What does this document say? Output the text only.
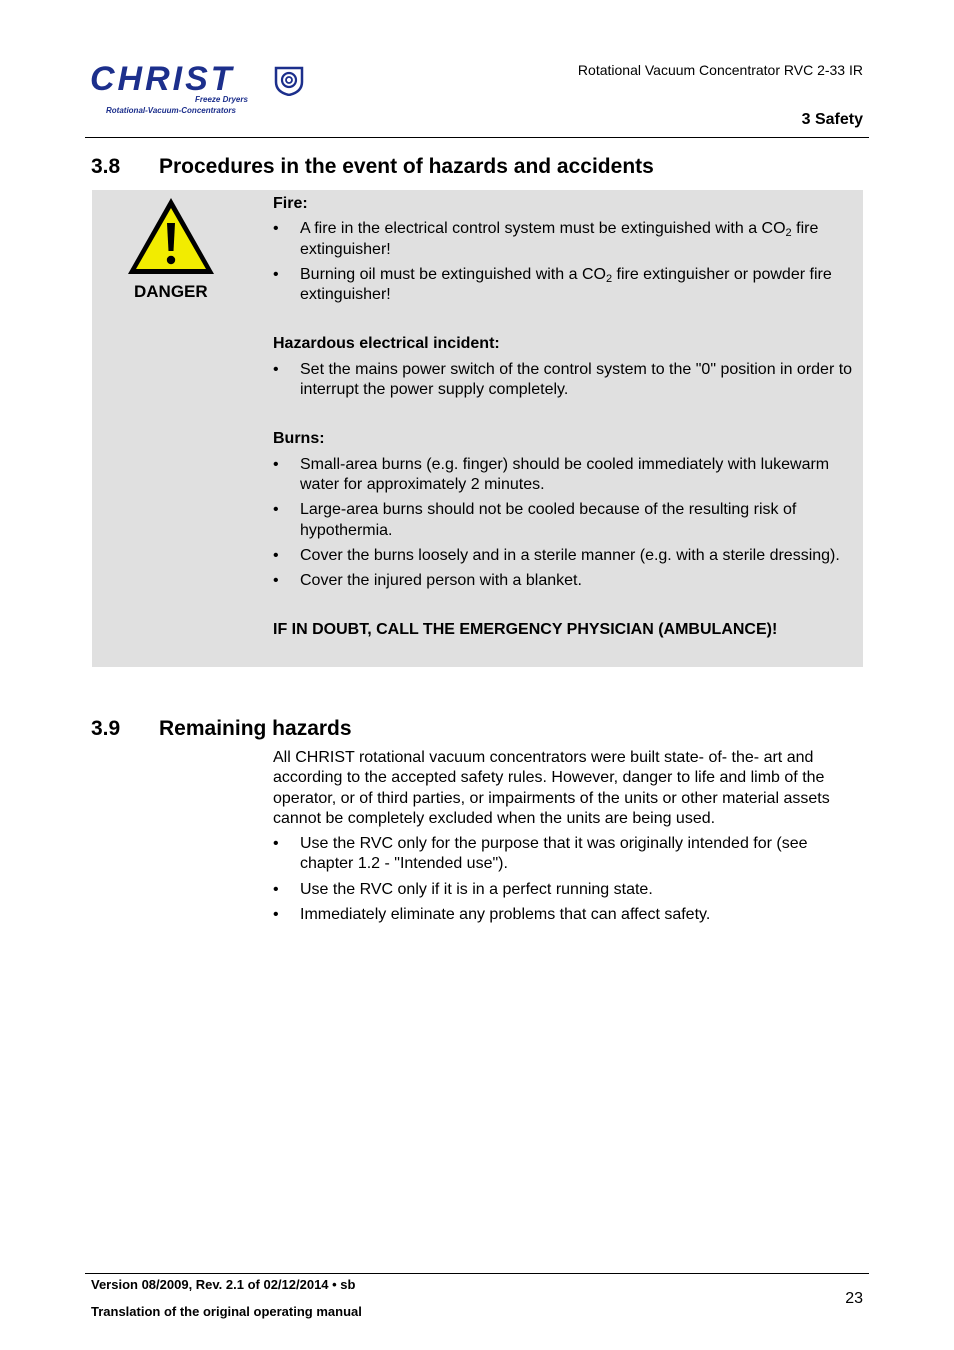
CHRIST
Freeze Dryers
Rotational-Vacuum-Concentrators
Rotational Vacuum Concentrator RVC 2-33 IR
3 Safety
3.8 Procedures in the event of hazards and accidents
DANGER

Fire:

• A fire in the electrical control system must be extinguished with a $CO_2$ fire extinguisher!
• Burning oil must be extinguished with a $CO_2$ fire extinguisher or powder fire extinguisher!

Hazardous electrical incident:

• Set the mains power switch of the control system to the "0" position in order to interrupt the power supply completely.

Burns:

• Small-area burns (e.g. finger) should be cooled immediately with lukewarm water for approximately 2 minutes.
• Large-area burns should not be cooled because of the resulting risk of hypothermia.
• Cover the burns loosely and in a sterile manner (e.g. with a sterile dressing).
• Cover the injured person with a blanket.

IF IN DOUBT, CALL THE EMERGENCY PHYSICIAN (AMBULANCE)!

3.9 Remaining hazards

All CHRIST rotational vacuum concentrators were built state- of- the- art and according to the accepted safety rules. However, danger to life and limb of the operator, or of third parties, or impairments of the units or other material assets cannot be completely excluded when the units are being used.

• Use the RVC only for the purpose that it was originally intended for (see chapter 1.2 - "Intended use").
• Use the RVC only if it is in a perfect running state.
• Immediately eliminate any problems that can affect safety.
Version 08/2009, Rev. 2.1 of 02/12/2014 • sb
Translation of the original operating manual
23
